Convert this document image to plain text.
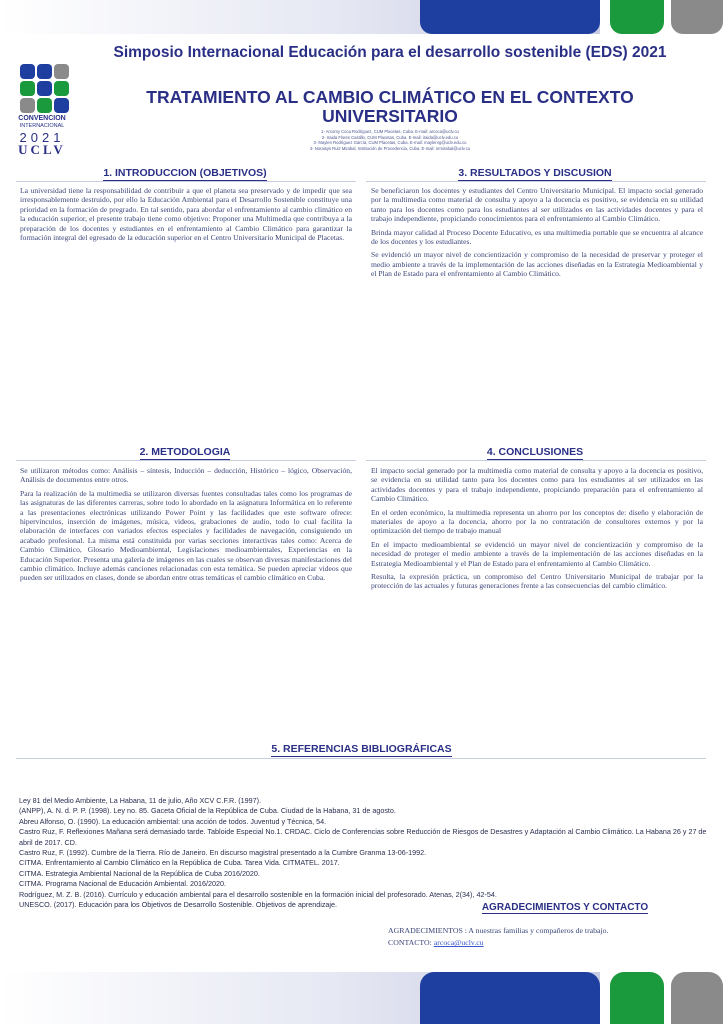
CONVENCION
INTERNACIONAL
2021
UCLV
Simposio Internacional Educación para el desarrollo sostenible (EDS) 2021
TRATAMIENTO AL CAMBIO CLIMÁTICO EN EL CONTEXTO UNIVERSITARIO
1- Arcomy Coca Rodríguez, CUM Placetas, Cuba. E-mail: arcoca@uclv.cu
2- Iraida Flores Castillo, CUM Placetas, Cuba. E-mail: iraida@uclv.edu.cu
3- Maylen Rodríguez García, CUM Placetas, Cuba. E-mail: maylenrg@uclv.edu.cu
4- Noraisys Ruiz Mirabal, Institución de Procedencia, Cuba. E-mail: nrmirabal@uclv.cu
1. INTRODUCCION (OBJETIVOS)

La universidad tiene la responsabilidad de contribuir a que el planeta sea preservado y de impedir que sea irresponsablemente destruido, por ello la Educación Ambiental para el Desarrollo Sostenible constituye una prioridad en la formación de pregrado. En tal sentido, para abordar el enfrentamiento al cambio climático en la educación superior, el presente trabajo tiene como objetivo: Proponer una Multimedia que contribuya a la preparación de los docentes y estudiantes en el enfrentamiento al Cambio Climático para garantizar la formación integral del egresado de la educación superior en el Centro Universitario Municipal de Placetas.

3. RESULTADOS Y DISCUSION

Se beneficiaron los docentes y estudiantes del Centro Universitario Municipal. El impacto social generado por la multimedia como material de consulta y apoyo a la docencia es positivo, se evidencia en su utilidad tanto para los docentes como para los estudiantes al ser utilizados en las actividades docentes y para el trabajo independiente, propiciando conocimientos para el enfrentamiento al Cambio Climático.

Brinda mayor calidad al Proceso Docente Educativo, es una multimedia portable que se encuentra al alcance de los docentes y los estudiantes.

Se evidenció un mayor nivel de concientización y compromiso de la necesidad de preservar y proteger el medio ambiente a través de la implementación de las acciones diseñadas en la Estrategia Medioambiental y el Plan de Estado para el enfrentamiento al Cambio Climático.

2. METODOLOGIA

Se utilizaron métodos como: Análisis – síntesis, Inducción – deducción, Histórico – lógico, Observación, Análisis de documentos entre otros.

Para la realización de la multimedia se utilizaron diversas fuentes consultadas tales como los programas de las asignaturas de las diferentes carreras, sobre todo lo abordado en la asignatura Informática en lo referente a las presentaciones electrónicas utilizando Power Point y las facilidades que este software ofrece: hipervínculos, inserción de imágenes, música, videos, grabaciones de audio, todo lo cual facilita la elaboración de interfaces con variados efectos especiales y facilidades de navegación, consiguiendo un acabado profesional. La misma está constituida por varias secciones interactivas tales como: Acerca de Cambio Climático, Glosario Medioambiental, Legislaciones medioambientales, Experiencias en la Educación Superior. Presenta una galería de imágenes en las cuales se observan diversas manifestaciones del cambio climático. Incluye además canciones relacionadas con esta temática. Se pueden apreciar videos que pueden ser utilizados en clases, donde se abordan entre otras temáticas el cambio climático en Cuba.

4. CONCLUSIONES

El impacto social generado por la multimedia como material de consulta y apoyo a la docencia es positivo, se evidencia en su utilidad tanto para los docentes como para los estudiantes al ser utilizados en las actividades docentes y para el trabajo independiente, propiciando preparación para el enfrentamiento al Cambio Climático.

En el orden económico, la multimedia representa un ahorro por los conceptos de: diseño y elaboración de materiales de apoyo a la docencia, ahorro por la no contratación de consultores externos y por la optimización del tiempo de trabajo manual

En el impacto medioambiental se evidenció un mayor nivel de concientización y compromiso de la necesidad de proteger el medio ambiente a través de la implementación de las acciones diseñadas en la Estrategia Medioambiental y el Plan de Estado para el enfrentamiento al Cambio Climático.

Resulta, la expresión práctica, un compromiso del Centro Universitario Municipal de trabajar por la protección de las actuales y futuras generaciones frente a las consecuencias del cambio climático.

5. REFERENCIAS BIBLIOGRÁFICAS
Ley 81 del Medio Ambiente, La Habana, 11 de julio, Año XCV C.F.R. (1997).
(ANPP), A. N. d. P. P. (1998). Ley no. 85. Gaceta Oficial de la República de Cuba. Ciudad de la Habana, 31 de agosto.
Abreu Alfonso, O. (1990). La educación ambiental: una acción de todos. Juventud y Técnica, 54.
Castro Ruz, F. Reflexiones Mañana será demasiado tarde. Tabloide Especial No.1. CRDAC. Ciclo de Conferencias sobre Reducción de Riesgos de Desastres y Adaptación al Cambio Climático. La Habana 26 y 27 de abril de 2017. CD.
Castro Ruz, F. (1992). Cumbre de la Tierra. Río de Janeiro. En discurso magistral presentado a la Cumbre Granma 13-06-1992.
CITMA. Enfrentamiento al Cambio Climático en la República de Cuba. Tarea Vida. CITMATEL. 2017.
CITMA. Estrategia Ambiental Nacional de la República de Cuba 2016/2020.
CITMA. Programa Nacional de Educación Ambiental. 2016/2020.
Rodríguez, M. Z. B. (2016). Currículo y educación ambiental para el desarrollo sostenible en la formación inicial del profesorado. Atenas, 2(34), 42-54.
UNESCO. (2017). Educación para los Objetivos de Desarrollo Sostenible. Objetivos de aprendizaje.	AGRADECIMIENTOS Y CONTACTO
AGRADECIMIENTOS : A nuestras familias y compañeros de trabajo.
CONTACTO: arcoca@uclv.cu
